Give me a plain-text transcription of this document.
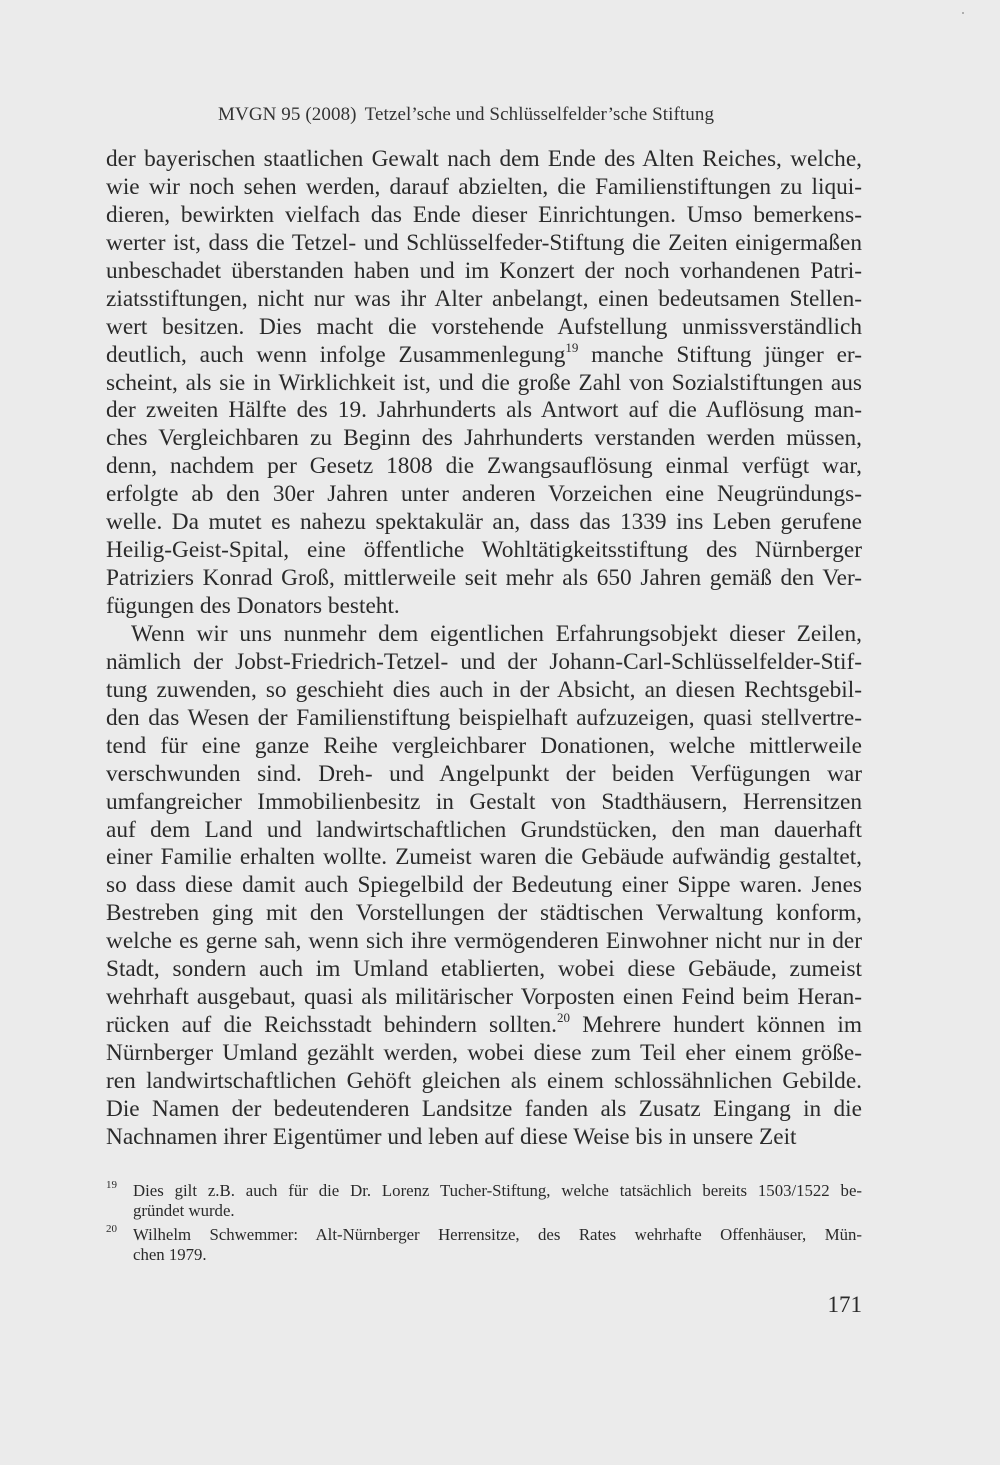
MVGN 95 (2008) Tetzel’sche und Schlüsselfelder’sche Stiftung
der bayerischen staatlichen Gewalt nach dem Ende des Alten Reiches, welche,
wie wir noch sehen werden, darauf abzielten, die Familienstiftungen zu liqui-
dieren, bewirkten vielfach das Ende dieser Einrichtungen. Umso bemerkens-
werter ist, dass die Tetzel- und Schlüsselfeder-Stiftung die Zeiten einigermaßen
unbeschadet überstanden haben und im Konzert der noch vorhandenen Patri-
ziatsstiftungen, nicht nur was ihr Alter anbelangt, einen bedeutsamen Stellen-
wert besitzen. Dies macht die vorstehende Aufstellung unmissverständlich
deutlich, auch wenn infolge Zusammenlegung$^{19}$ manche Stiftung jünger er-
scheint, als sie in Wirklichkeit ist, und die große Zahl von Sozialstiftungen aus
der zweiten Hälfte des 19. Jahrhunderts als Antwort auf die Auflösung man-
ches Vergleichbaren zu Beginn des Jahrhunderts verstanden werden müssen,
denn, nachdem per Gesetz 1808 die Zwangsauflösung einmal verfügt war,
erfolgte ab den 30er Jahren unter anderen Vorzeichen eine Neugründungs-
welle. Da mutet es nahezu spektakulär an, dass das 1339 ins Leben gerufene
Heilig-Geist-Spital, eine öffentliche Wohltätigkeitsstiftung des Nürnberger
Patriziers Konrad Groß, mittlerweile seit mehr als 650 Jahren gemäß den Ver-
fügungen des Donators besteht.
Wenn wir uns nunmehr dem eigentlichen Erfahrungsobjekt dieser Zeilen,
nämlich der Jobst-Friedrich-Tetzel- und der Johann-Carl-Schlüsselfelder-Stif-
tung zuwenden, so geschieht dies auch in der Absicht, an diesen Rechtsgebil-
den das Wesen der Familienstiftung beispielhaft aufzuzeigen, quasi stellvertre-
tend für eine ganze Reihe vergleichbarer Donationen, welche mittlerweile
verschwunden sind. Dreh- und Angelpunkt der beiden Verfügungen war
umfangreicher Immobilienbesitz in Gestalt von Stadthäusern, Herrensitzen
auf dem Land und landwirtschaftlichen Grundstücken, den man dauerhaft
einer Familie erhalten wollte. Zumeist waren die Gebäude aufwändig gestaltet,
so dass diese damit auch Spiegelbild der Bedeutung einer Sippe waren. Jenes
Bestreben ging mit den Vorstellungen der städtischen Verwaltung konform,
welche es gerne sah, wenn sich ihre vermögenderen Einwohner nicht nur in der
Stadt, sondern auch im Umland etablierten, wobei diese Gebäude, zumeist
wehrhaft ausgebaut, quasi als militärischer Vorposten einen Feind beim Heran-
rücken auf die Reichsstadt behindern sollten.$^{20}$ Mehrere hundert können im
Nürnberger Umland gezählt werden, wobei diese zum Teil eher einem größe-
ren landwirtschaftlichen Gehöft gleichen als einem schlossähnlichen Gebilde.
Die Namen der bedeutenderen Landsitze fanden als Zusatz Eingang in die
Nachnamen ihrer Eigentümer und leben auf diese Weise bis in unsere Zeit
19 Dies gilt z.B. auch für die Dr. Lorenz Tucher-Stiftung, welche tatsächlich bereits 1503/1522 be-
gründet wurde.
20 Wilhelm Schwemmer: Alt-Nürnberger Herrensitze, des Rates wehrhafte Offenhäuser, Mün-
chen 1979.
171
